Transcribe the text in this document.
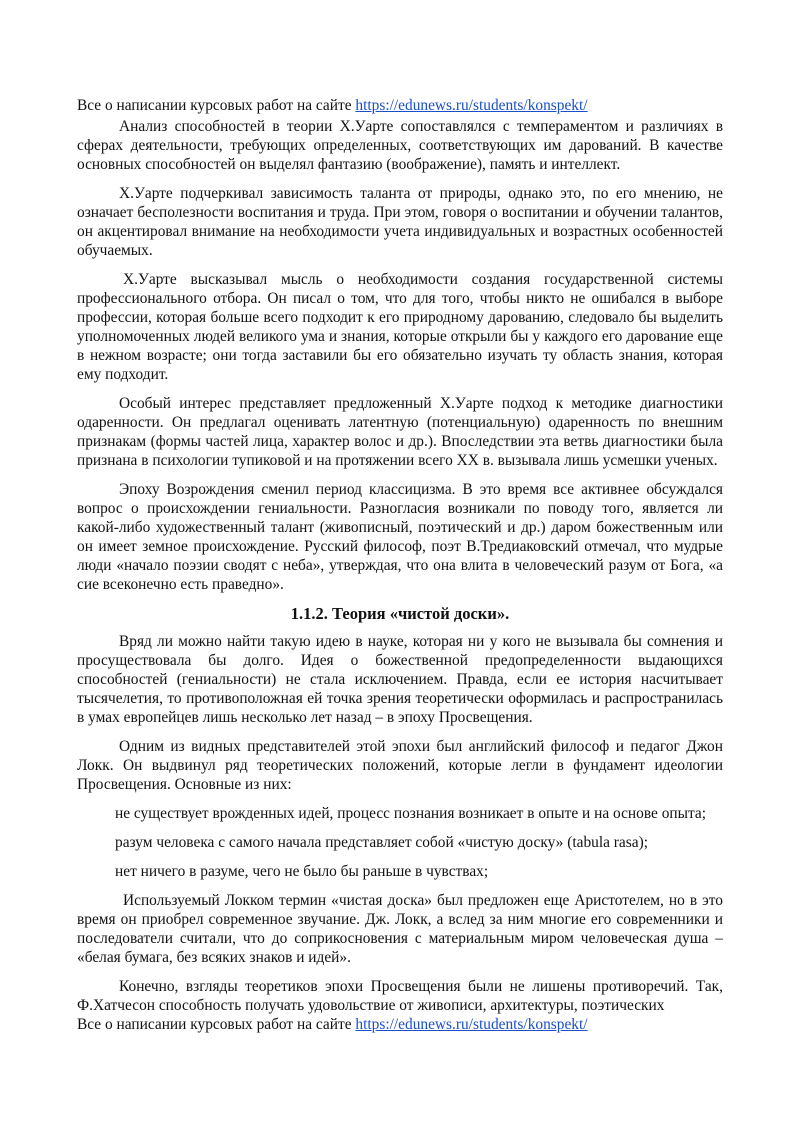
Все о написании курсовых работ на сайте https://edunews.ru/students/konspekt/

Анализ способностей в теории Х.Уарте сопоставлялся с темпераментом и различиях в сферах деятельности, требующих определенных, соответствующих им дарований. В качестве основных способностей он выделял фантазию (воображение), память и интеллект.

Х.Уарте подчеркивал зависимость таланта от природы, однако это, по его мнению, не означает бесполезности воспитания и труда. При этом, говоря о воспитании и обучении талантов, он акцентировал внимание на необходимости учета индивидуальных и возрастных особенностей обучаемых.

Х.Уарте высказывал мысль о необходимости создания государственной системы профессионального отбора. Он писал о том, что для того, чтобы никто не ошибался в выборе профессии, которая больше всего подходит к его природному дарованию, следовало бы выделить уполномоченных людей великого ума и знания, которые открыли бы у каждого его дарование еще в нежном возрасте; они тогда заставили бы его обязательно изучать ту область знания, которая ему подходит.

Особый интерес представляет предложенный Х.Уарте подход к методике диагностики одаренности. Он предлагал оценивать латентную (потенциальную) одаренность по внешним признакам (формы частей лица, характер волос и др.). Впоследствии эта ветвь диагностики была признана в психологии тупиковой и на протяжении всего XX в. вызывала лишь усмешки ученых.

Эпоху Возрождения сменил период классицизма. В это время все активнее обсуждался вопрос о происхождении гениальности. Разногласия возникали по поводу того, является ли какой-либо художественный талант (живописный, поэтический и др.) даром божественным или он имеет земное происхождение. Русский философ, поэт В.Тредиаковский отмечал, что мудрые люди «начало поэзии сводят с неба», утверждая, что она влита в человеческий разум от Бога, «а сие всеконечно есть праведно».

1.1.2. Теория «чистой доски».

Вряд ли можно найти такую идею в науке, которая ни у кого не вызывала бы сомнения и просуществовала бы долго. Идея о божественной предопределенности выдающихся способностей (гениальности) не стала исключением. Правда, если ее история насчитывает тысячелетия, то противоположная ей точка зрения теоретически оформилась и распространилась в умах европейцев лишь несколько лет назад – в эпоху Просвещения.

Одним из видных представителей этой эпохи был английский философ и педагог Джон Локк. Он выдвинул ряд теоретических положений, которые легли в фундамент идеологии Просвещения. Основные из них:

не существует врожденных идей, процесс познания возникает в опыте и на основе опыта;

разум человека с самого начала представляет собой «чистую доску» (tabula rasa);

нет ничего в разуме, чего не было бы раньше в чувствах;

Используемый Локком термин «чистая доска» был предложен еще Аристотелем, но в это время он приобрел современное звучание. Дж. Локк, а вслед за ним многие его современники и последователи считали, что до соприкосновения с материальным миром человеческая душа – «белая бумага, без всяких знаков и идей».

Конечно, взгляды теоретиков эпохи Просвещения были не лишены противоречий. Так, Ф.Хатчесон способность получать удовольствие от живописи, архитектуры, поэтических

Все о написании курсовых работ на сайте https://edunews.ru/students/konspekt/
